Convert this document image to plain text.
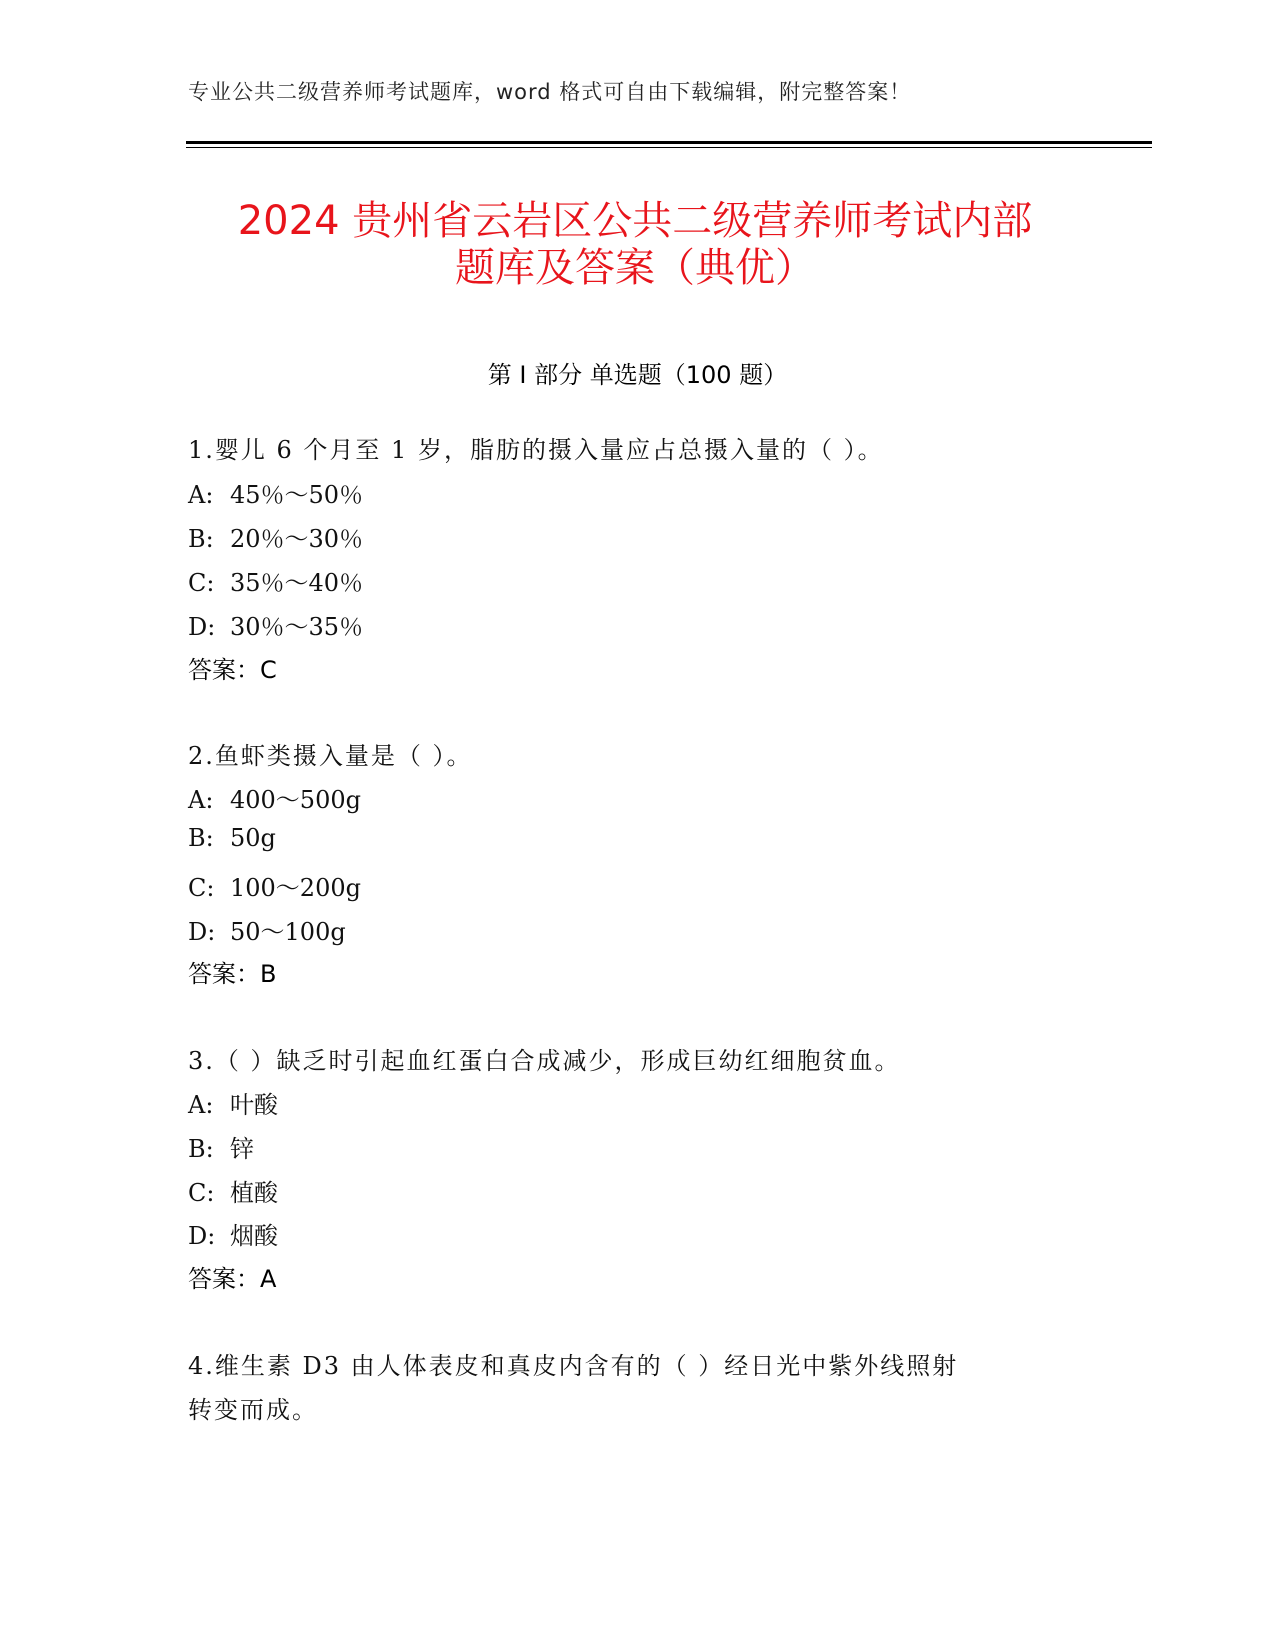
专业公共二级营养师考试题库，word 格式可自由下载编辑，附完整答案！
2024 贵州省云岩区公共二级营养师考试内部
题库及答案（典优）
第 I 部分 单选题（100 题）
1.婴儿 6 个月至 1 岁，脂肪的摄入量应占总摄入量的（ ）。
A: 45％～50％
B: 20％～30％
C: 35％～40％
D: 30％～35％
答案：C
2.鱼虾类摄入量是（ ）。
A: 400～500g
B: 50g
C: 100～200g
D: 50～100g
答案：B
3.（ ）缺乏时引起血红蛋白合成减少，形成巨幼红细胞贫血。
A: 叶酸
B: 锌
C: 植酸
D: 烟酸
答案：A
4.维生素 D3 由人体表皮和真皮内含有的（ ）经日光中紫外线照射
转变而成。
